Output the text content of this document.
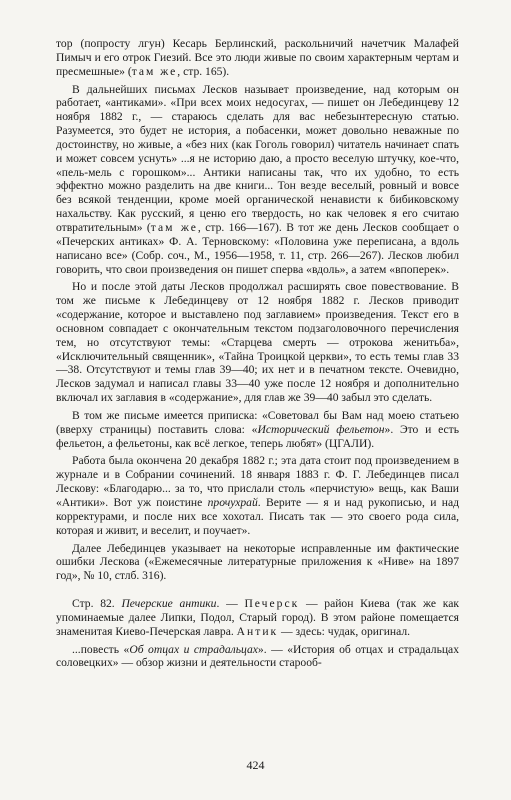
тор (попросту лгун) Кесарь Берлинский, раскольничий начетчик Малафей Пимыч и его отрок Гиезий. Все это люди живые по своим характерным чертам и пресмешные» (там же, стр. 165).

В дальнейших письмах Лесков называет произведение, над которым он работает, «антиками». «При всех моих недосугах, — пишет он Лебединцеву 12 ноября 1882 г., — стараюсь сделать для вас небезынтересную статью. Разумеется, это будет не история, а побасенки, может довольно неважные по достоинству, но живые, а «без них (как Гоголь говорил) читатель начинает спать и может совсем уснуть» ...я не историю даю, а просто веселую штучку, кое-что, «пель-мель с горошком»... Антики написаны так, что их удобно, то есть эффектно можно разделить на две книги... Тон везде веселый, ровный и вовсе без всякой тенденции, кроме моей органической ненависти к бибиковскому нахальству. Как русский, я ценю его твердость, но как человек я его считаю отвратительным» (там же, стр. 166—167). В тот же день Лесков сообщает о «Печерских антиках» Ф. А. Терновскому: «Половина уже переписана, а вдоль написано все» (Собр. соч., М., 1956—1958, т. 11, стр. 266—267). Лесков любил говорить, что свои произведения он пишет сперва «вдоль», а затем «впоперек».

Но и после этой даты Лесков продолжал расширять свое повествование. В том же письме к Лебединцеву от 12 ноября 1882 г. Лесков приводит «содержание, которое и выставлено под заглавием» произведения. Текст его в основном совпадает с окончательным текстом подзаголовочного перечисления тем, но отсутствуют темы: «Старцева смерть — отрокова женитьба», «Исключительный священник», «Тайна Троицкой церкви», то есть темы глав 33—38. Отсутствуют и темы глав 39—40; их нет и в печатном тексте. Очевидно, Лесков задумал и написал главы 33—40 уже после 12 ноября и дополнительно включал их заглавия в «содержание», для глав же 39—40 забыл это сделать.

В том же письме имеется приписка: «Советовал бы Вам над моею статьею (вверху страницы) поставить слова: «Исторический фельетон». Это и есть фельетон, а фельетоны, как всё легкое, теперь любят» (ЦГАЛИ).

Работа была окончена 20 декабря 1882 г.; эта дата стоит под произведением в журнале и в Собрании сочинений. 18 января 1883 г. Ф. Г. Лебединцев писал Лескову: «Благодарю... за то, что прислали столь «перчистую» вещь, как Ваши «Антики». Вот уж поистине прочухрай. Верите — я и над рукописью, и над корректурами, и после них все хохотал. Писать так — это своего рода сила, которая и живит, и веселит, и поучает».

Далее Лебединцев указывает на некоторые исправленные им фактические ошибки Лескова («Ежемесячные литературные приложения к «Ниве» на 1897 год», № 10, стлб. 316).

Стр. 82. Печерские антики. — Печерск — район Киева (так же как упоминаемые далее Липки, Подол, Старый город). В этом районе помещается знаменитая Киево-Печерская лавра. Антик — здесь: чудак, оригинал.

...повесть «Об отцах и страдальцах». — «История об отцах и страдальцах соловецких» — обзор жизни и деятельности старооб-

424
